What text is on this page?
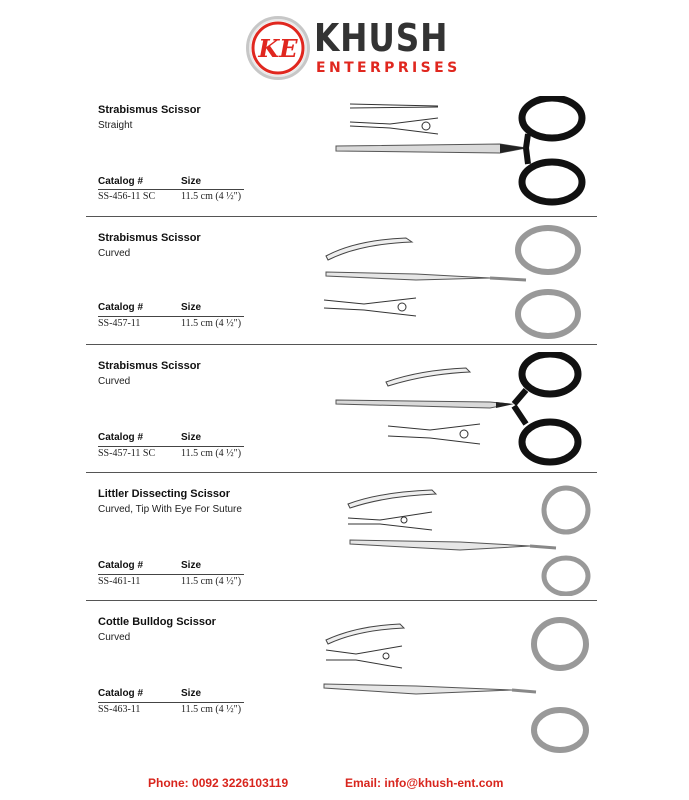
KE KHUSH
ENTERPRISES
Strabismus Scissor
Straight
Catalog #	Size
SS-456-11 SC	11.5 cm (4 ½")
Strabismus Scissor
Curved
Catalog #	Size
SS-457-11	11.5 cm (4 ½")
Strabismus Scissor
Curved
Catalog #	Size
SS-457-11 SC	11.5 cm (4 ½")
Littler Dissecting Scissor
Curved, Tip With Eye For Suture
Catalog #	Size
SS-461-11	11.5 cm (4 ½")
Cottle Bulldog Scissor
Curved
Catalog #	Size
SS-463-11	11.5 cm (4 ½")
Phone: 0092 3226103119	Email: info@khush-ent.com
